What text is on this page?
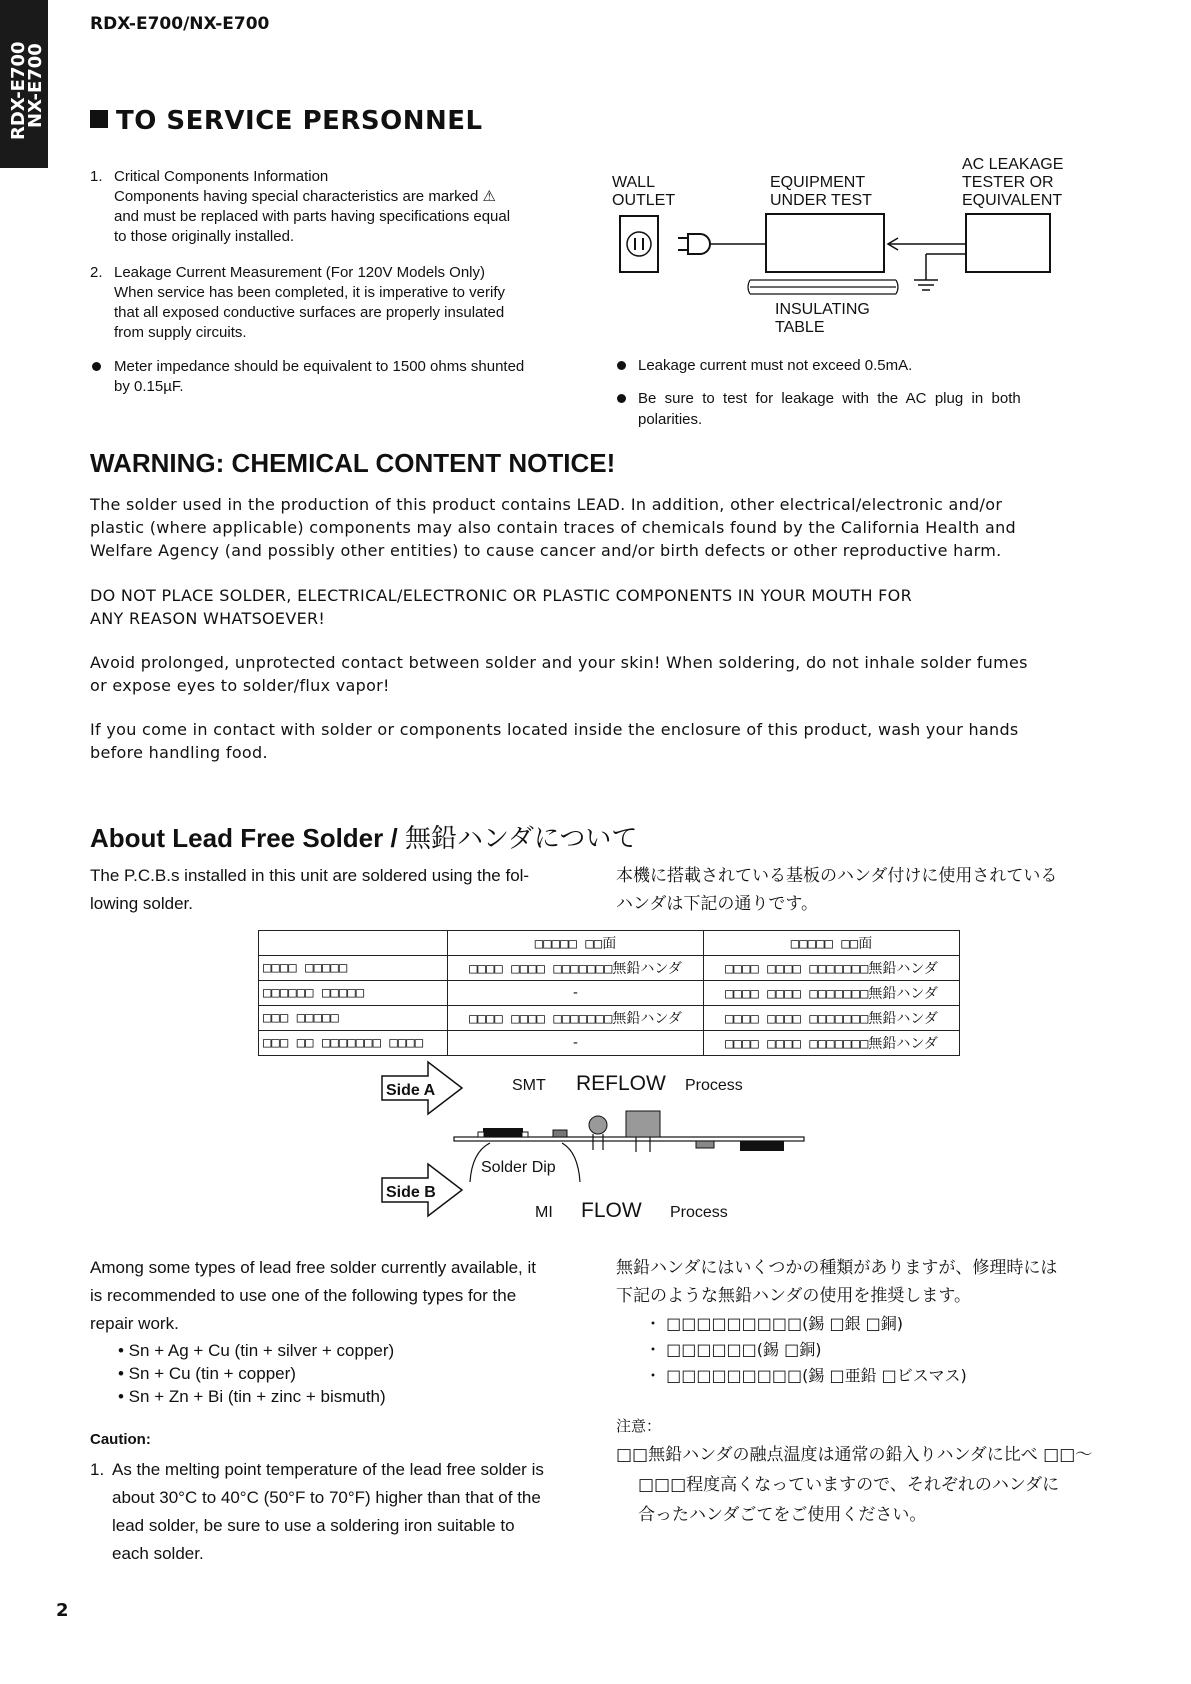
RDX-E700
NX-E700
RDX-E700/NX-E700
TO SERVICE PERSONNEL
1. Critical Components Information
Components having special characteristics are marked ⚠
and must be replaced with parts having specifications equal
to those originally installed.
2. Leakage Current Measurement (For 120V Models Only)
When service has been completed, it is imperative to verify
that all exposed conductive surfaces are properly insulated
from supply circuits.
Meter impedance should be equivalent to 1500 ohms shunted
by 0.15µF.
WALL
OUTLET
EQUIPMENT
UNDER TEST
AC LEAKAGE
TESTER OR
EQUIVALENT
INSULATING
TABLE
Leakage current must not exceed 0.5mA.
Be  sure  to  test  for  leakage  with  the  AC  plug  in  both
polarities.
WARNING: CHEMICAL CONTENT NOTICE!
The solder used in the production of this product contains LEAD. In addition, other electrical/electronic and/or
plastic (where applicable) components may also contain traces of chemicals found by the California Health and
Welfare Agency (and possibly other entities) to cause cancer and/or birth defects or other reproductive harm.
DO NOT PLACE SOLDER, ELECTRICAL/ELECTRONIC OR PLASTIC COMPONENTS IN YOUR MOUTH FOR
ANY REASON WHATSOEVER!
Avoid prolonged, unprotected contact between solder and your skin! When soldering, do not inhale solder fumes
or expose eyes to solder/flux vapor!
If you come in contact with solder or components located inside the enclosure of this product, wash your hands
before handling food.
About Lead Free Solder / 無鉛ハンダについて
The P.C.B.s installed in this unit are soldered using the fol-
lowing solder.
本機に搭載されている基板のハンダ付けに使用されている
ハンダは下記の通りです。
	□□□□□ □□面	□□□□□ □□面
□□□□ □□□□□	□□□□ □□□□ □□□□□□□無鉛ハンダ	□□□□ □□□□ □□□□□□□無鉛ハンダ
□□□□□□ □□□□□	-	□□□□ □□□□ □□□□□□□無鉛ハンダ
□□□ □□□□□	□□□□ □□□□ □□□□□□□無鉛ハンダ	□□□□ □□□□ □□□□□□□無鉛ハンダ
□□□ □□ □□□□□□□ □□□□	-	□□□□ □□□□ □□□□□□□無鉛ハンダ
Side A	SMT REFLOW Process
Solder Dip
Side B
MI FLOW Process
Among some types of lead free solder currently available, it
is recommended to use one of the following types for the
repair work.
• Sn + Ag + Cu (tin + silver + copper)
• Sn + Cu (tin + copper)
• Sn + Zn + Bi (tin + zinc + bismuth)
無鉛ハンダにはいくつかの種類がありますが、修理時には
下記のような無鉛ハンダの使用を推奨します。
・ □□□□□□□□□(錫 □銀 □銅)
・ □□□□□□(錫 □銅)
・ □□□□□□□□□(錫 □亜鉛 □ビスマス)
Caution:
1. As the melting point temperature of the lead free solder is
about 30°C to 40°C (50°F to 70°F) higher than that of the
lead solder, be sure to use a soldering iron suitable to
each solder.
注意：
□□無鉛ハンダの融点温度は通常の鉛入りハンダに比べ □□～
□□□程度高くなっていますので、それぞれのハンダに
合ったハンダごてをご使用ください。
2
